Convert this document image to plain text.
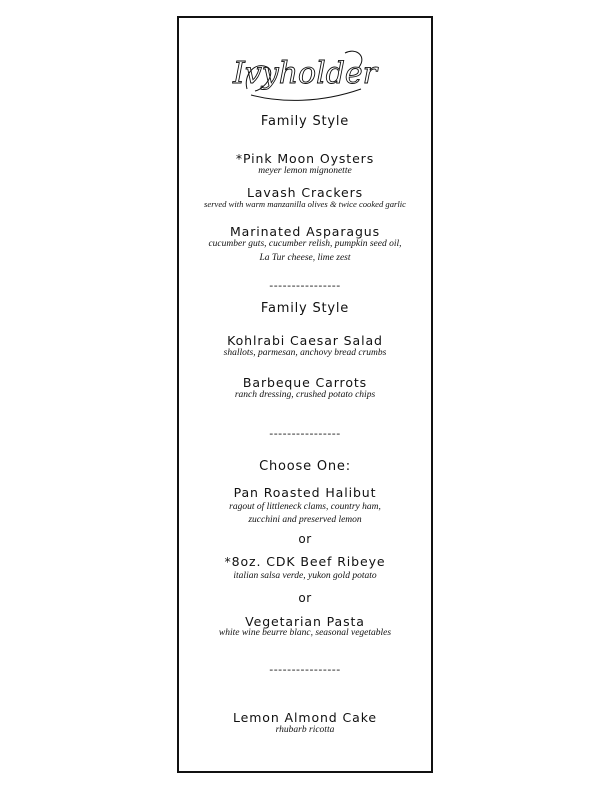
Ivyholder
Family Style
*Pink Moon Oysters
meyer lemon mignonette
Lavash Crackers
served with warm manzanilla olives & twice cooked garlic
Marinated Asparagus
cucumber guts, cucumber relish, pumpkin seed oil,
La Tur cheese, lime zest
----------------
Family Style
Kohlrabi Caesar Salad
shallots, parmesan, anchovy bread crumbs
Barbeque Carrots
ranch dressing, crushed potato chips
----------------
Choose One:
Pan Roasted Halibut
ragout of littleneck clams, country ham,
zucchini and preserved lemon
or
*8oz. CDK Beef Ribeye
italian salsa verde, yukon gold potato
or
Vegetarian Pasta
white wine beurre blanc, seasonal vegetables
----------------
Lemon Almond Cake
rhubarb ricotta
